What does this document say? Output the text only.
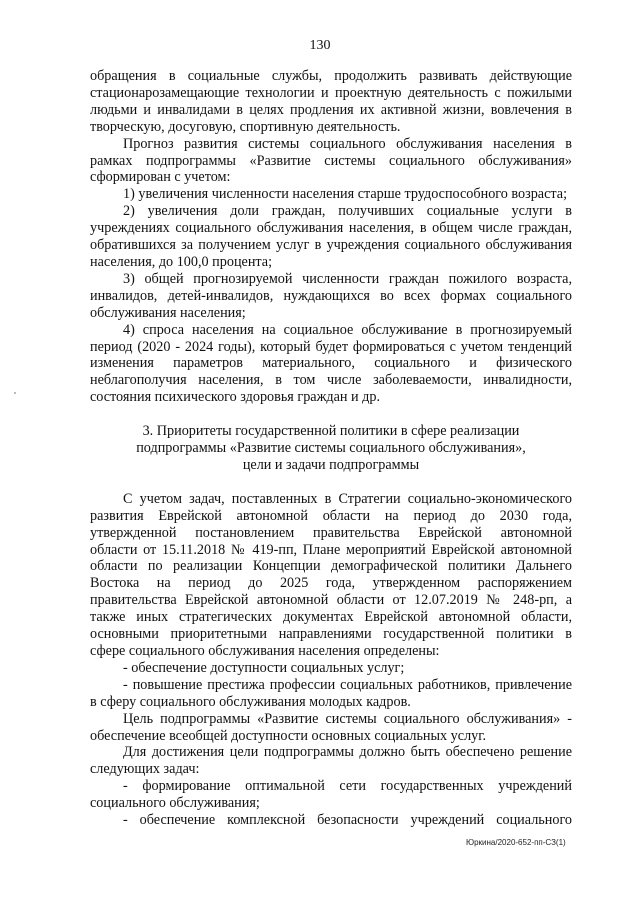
130
обращения в социальные службы, продолжить развивать действующие
стационарозамещающие технологии и проектную деятельность с пожилыми
людьми и инвалидами в целях продления их активной жизни, вовлечения в
творческую, досуговую, спортивную деятельность.
Прогноз развития системы социального обслуживания населения в
рамках подпрограммы «Развитие системы социального обслуживания»
сформирован с учетом:
1) увеличения численности населения старше трудоспособного возраста;
2) увеличения доли граждан, получивших социальные услуги в
учреждениях социального обслуживания населения, в общем числе граждан,
обратившихся за получением услуг в учреждения социального обслуживания
населения, до 100,0 процента;
3) общей прогнозируемой численности граждан пожилого возраста,
инвалидов, детей-инвалидов, нуждающихся во всех формах социального
обслуживания населения;
4) спроса населения на социальное обслуживание в прогнозируемый
период (2020 - 2024 годы), который будет формироваться с учетом тенденций
изменения параметров материального, социального и физического
неблагополучия населения, в том числе заболеваемости, инвалидности,
состояния психического здоровья граждан и др.
3. Приоритеты государственной политики в сфере реализации
подпрограммы «Развитие системы социального обслуживания»,
цели и задачи подпрограммы
С учетом задач, поставленных в Стратегии социально-экономического
развития Еврейской автономной области на период до 2030 года,
утвержденной постановлением правительства Еврейской автономной
области от 15.11.2018 № 419-пп, Плане мероприятий Еврейской автономной
области по реализации Концепции демографической политики Дальнего
Востока на период до 2025 года, утвержденном распоряжением
правительства Еврейской автономной области от 12.07.2019 № 248-рп, а
также иных стратегических документах Еврейской автономной области,
основными приоритетными направлениями государственной политики в
сфере социального обслуживания населения определены:
- обеспечение доступности социальных услуг;
- повышение престижа профессии социальных работников, привлечение
в сферу социального обслуживания молодых кадров.
Цель подпрограммы «Развитие системы социального обслуживания» -
обеспечение всеобщей доступности основных социальных услуг.
Для достижения цели подпрограммы должно быть обеспечено решение
следующих задач:
- формирование оптимальной сети государственных учреждений
социального обслуживания;
- обеспечение комплексной безопасности учреждений социального
Юркина/2020-652-пп-СЗ(1)
